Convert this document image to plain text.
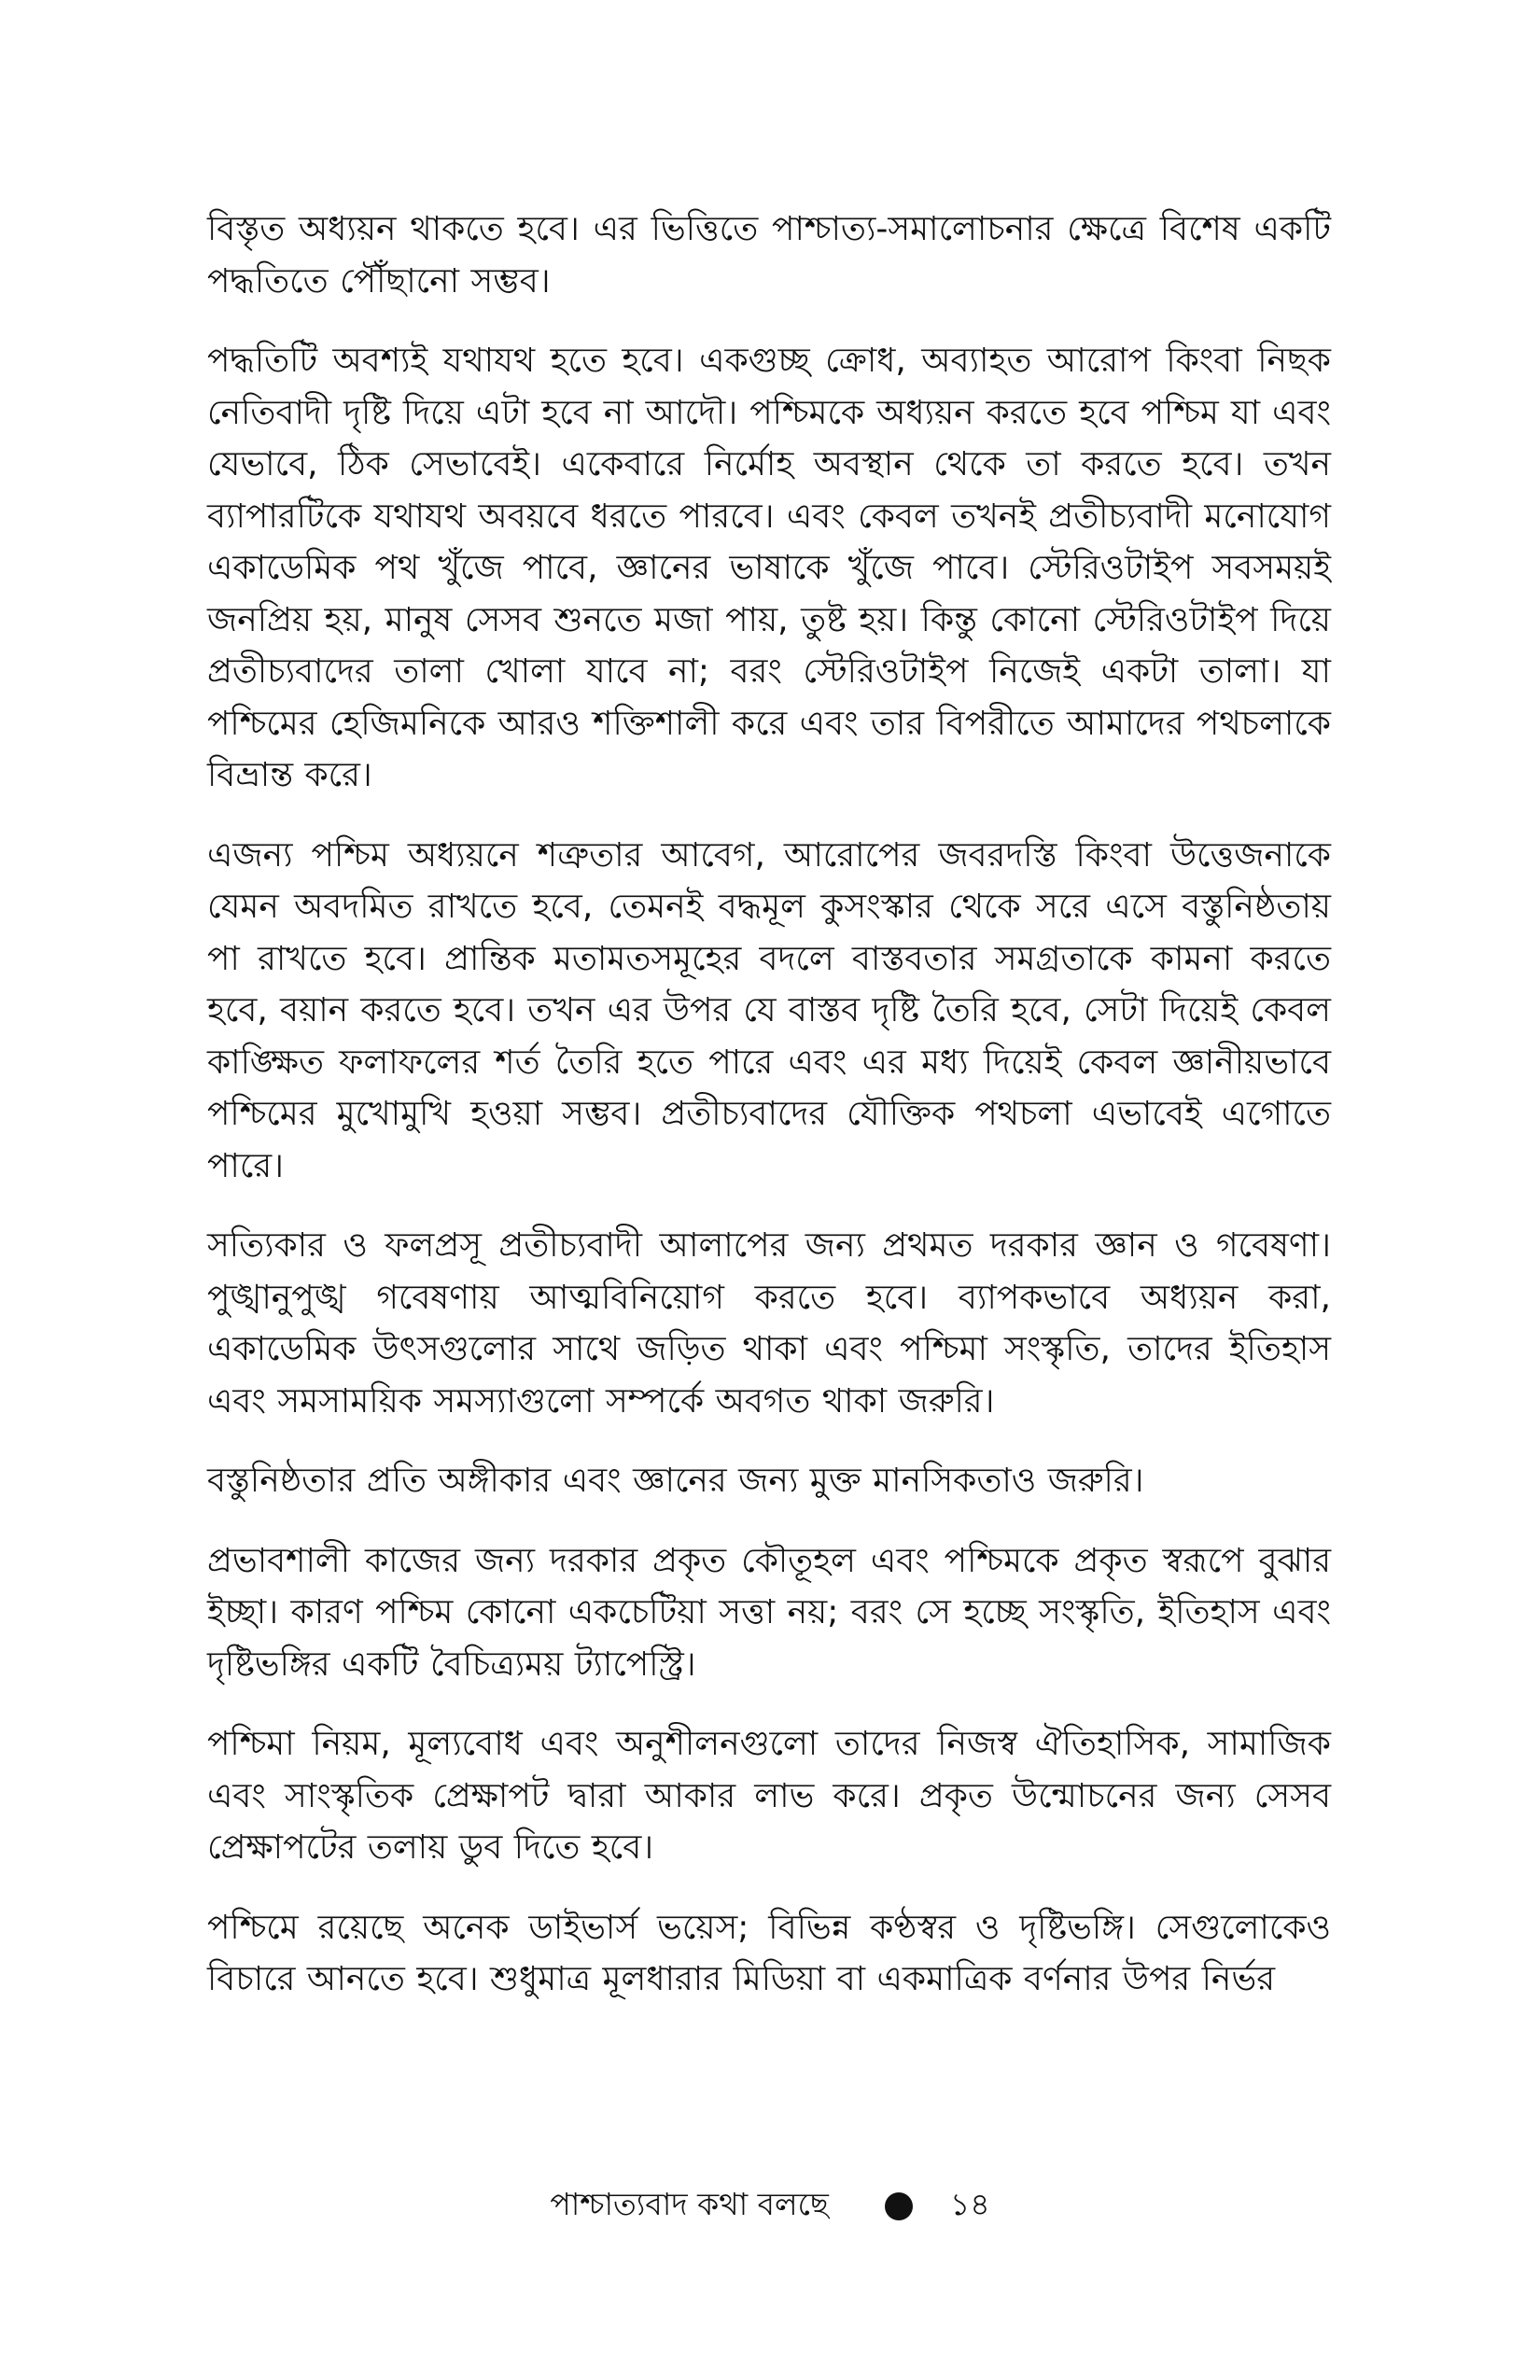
বিস্তৃত অধ্যয়ন থাকতে হবে। এর ভিত্তিতে পাশ্চাত্য-সমালোচনার ক্ষেত্রে বিশেষ একটি পদ্ধতিতে পৌঁছানো সম্ভব।

পদ্ধতিটি অবশ্যই যথাযথ হতে হবে। একগুচ্ছ ক্রোধ, অব্যাহত আরোপ কিংবা নিছক নেতিবাদী দৃষ্টি দিয়ে এটা হবে না আদৌ। পশ্চিমকে অধ্যয়ন করতে হবে পশ্চিম যা এবং যেভাবে, ঠিক সেভাবেই। একেবারে নির্মোহ অবস্থান থেকে তা করতে হবে। তখন ব্যাপারটিকে যথাযথ অবয়বে ধরতে পারবে। এবং কেবল তখনই প্রতীচ্যবাদী মনোযোগ একাডেমিক পথ খুঁজে পাবে, জ্ঞানের ভাষাকে খুঁজে পাবে। স্টেরিওটাইপ সবসময়ই জনপ্রিয় হয়, মানুষ সেসব শুনতে মজা পায়, তুষ্ট হয়। কিন্তু কোনো স্টেরিওটাইপ দিয়ে প্রতীচ্যবাদের তালা খোলা যাবে না; বরং স্টেরিওটাইপ নিজেই একটা তালা। যা পশ্চিমের হেজিমনিকে আরও শক্তিশালী করে এবং তার বিপরীতে আমাদের পথচলাকে বিভ্রান্ত করে।

এজন্য পশ্চিম অধ্যয়নে শত্রুতার আবেগ, আরোপের জবরদস্তি কিংবা উত্তেজনাকে যেমন অবদমিত রাখতে হবে, তেমনই বদ্ধমূল কুসংস্কার থেকে সরে এসে বস্তুনিষ্ঠতায় পা রাখতে হবে। প্রান্তিক মতামতসমূহের বদলে বাস্তবতার সমগ্রতাকে কামনা করতে হবে, বয়ান করতে হবে। তখন এর উপর যে বাস্তব দৃষ্টি তৈরি হবে, সেটা দিয়েই কেবল কাঙ্ক্ষিত ফলাফলের শর্ত তৈরি হতে পারে এবং এর মধ্য দিয়েই কেবল জ্ঞানীয়ভাবে পশ্চিমের মুখোমুখি হওয়া সম্ভব। প্রতীচ্যবাদের যৌক্তিক পথচলা এভাবেই এগোতে পারে।

সত্যিকার ও ফলপ্রসূ প্রতীচ্যবাদী আলাপের জন্য প্রথমত দরকার জ্ঞান ও গবেষণা। পুঙ্খানুপুঙ্খ গবেষণায় আত্মবিনিয়োগ করতে হবে। ব্যাপকভাবে অধ্যয়ন করা, একাডেমিক উৎসগুলোর সাথে জড়িত থাকা এবং পশ্চিমা সংস্কৃতি, তাদের ইতিহাস এবং সমসাময়িক সমস্যাগুলো সম্পর্কে অবগত থাকা জরুরি।

বস্তুনিষ্ঠতার প্রতি অঙ্গীকার এবং জ্ঞানের জন্য মুক্ত মানসিকতাও জরুরি।

প্রভাবশালী কাজের জন্য দরকার প্রকৃত কৌতূহল এবং পশ্চিমকে প্রকৃত স্বরূপে বুঝার ইচ্ছা। কারণ পশ্চিম কোনো একচেটিয়া সত্তা নয়; বরং সে হচ্ছে সংস্কৃতি, ইতিহাস এবং দৃষ্টিভঙ্গির একটি বৈচিত্র্যময় ট্যাপেস্ট্রি।

পশ্চিমা নিয়ম, মূল্যবোধ এবং অনুশীলনগুলো তাদের নিজস্ব ঐতিহাসিক, সামাজিক এবং সাংস্কৃতিক প্রেক্ষাপট দ্বারা আকার লাভ করে। প্রকৃত উন্মোচনের জন্য সেসব প্রেক্ষাপটের তলায় ডুব দিতে হবে।

পশ্চিমে রয়েছে অনেক ডাইভার্স ভয়েস; বিভিন্ন কণ্ঠস্বর ও দৃষ্টিভঙ্গি। সেগুলোকেও বিচারে আনতে হবে। শুধুমাত্র মূলধারার মিডিয়া বা একমাত্রিক বর্ণনার উপর নির্ভর

পাশ্চাত্যবাদ কথা বলছে	১৪
